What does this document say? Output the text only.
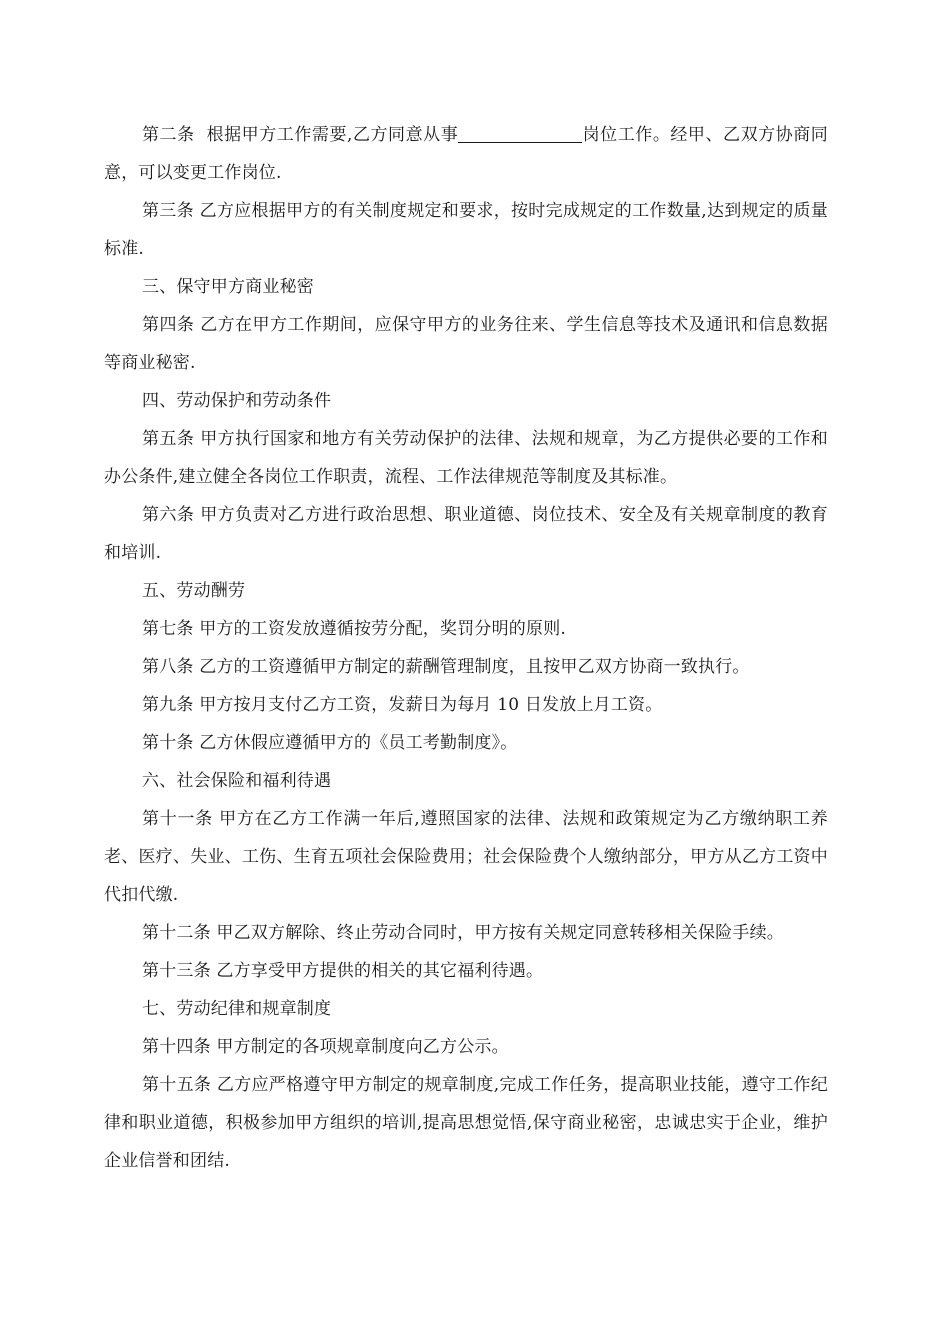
第二条 根据甲方工作需要,乙方同意从事	岗位工作。经甲、乙双方协商同意，可以变更工作岗位.

第三条 乙方应根据甲方的有关制度规定和要求，按时完成规定的工作数量,达到规定的质量标准.

三、保守甲方商业秘密

第四条 乙方在甲方工作期间，应保守甲方的业务往来、学生信息等技术及通讯和信息数据等商业秘密.

四、劳动保护和劳动条件

第五条 甲方执行国家和地方有关劳动保护的法律、法规和规章，为乙方提供必要的工作和办公条件,建立健全各岗位工作职责，流程、工作法律规范等制度及其标准。

第六条 甲方负责对乙方进行政治思想、职业道德、岗位技术、安全及有关规章制度的教育和培训.

五、劳动酬劳

第七条 甲方的工资发放遵循按劳分配，奖罚分明的原则.

第八条 乙方的工资遵循甲方制定的薪酬管理制度，且按甲乙双方协商一致执行。

第九条 甲方按月支付乙方工资，发薪日为每月 10 日发放上月工资。

第十条 乙方休假应遵循甲方的《员工考勤制度》。

六、社会保险和福利待遇

第十一条 甲方在乙方工作满一年后,遵照国家的法律、法规和政策规定为乙方缴纳职工养老、医疗、失业、工伤、生育五项社会保险费用；社会保险费个人缴纳部分，甲方从乙方工资中代扣代缴.

第十二条 甲乙双方解除、终止劳动合同时，甲方按有关规定同意转移相关保险手续。

第十三条 乙方享受甲方提供的相关的其它福利待遇。

七、劳动纪律和规章制度

第十四条 甲方制定的各项规章制度向乙方公示。

第十五条 乙方应严格遵守甲方制定的规章制度,完成工作任务，提高职业技能，遵守工作纪律和职业道德，积极参加甲方组织的培训,提高思想觉悟,保守商业秘密，忠诚忠实于企业，维护企业信誉和团结.
